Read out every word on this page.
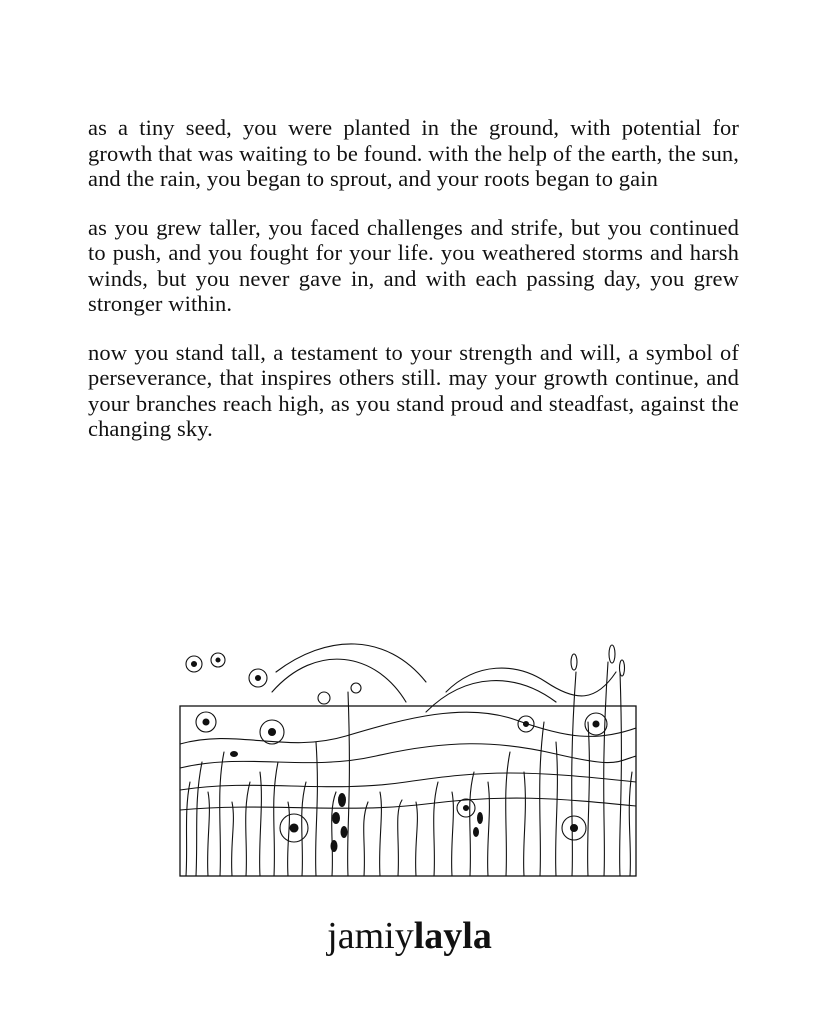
as a tiny seed, you were planted in the ground, with potential for growth that was waiting to be found. with the help of the earth, the sun, and the rain, you began to sprout, and your roots began to gain

as you grew taller, you faced challenges and strife, but you continued to push, and you fought for your life. you weathered storms and harsh winds, but you never gave in, and with each passing day, you grew stronger within.

now you stand tall, a testament to your strength and will, a symbol of perseverance, that inspires others still. may your growth continue, and your branches reach high, as you stand proud and steadfast, against the changing sky.

jamiylayla
